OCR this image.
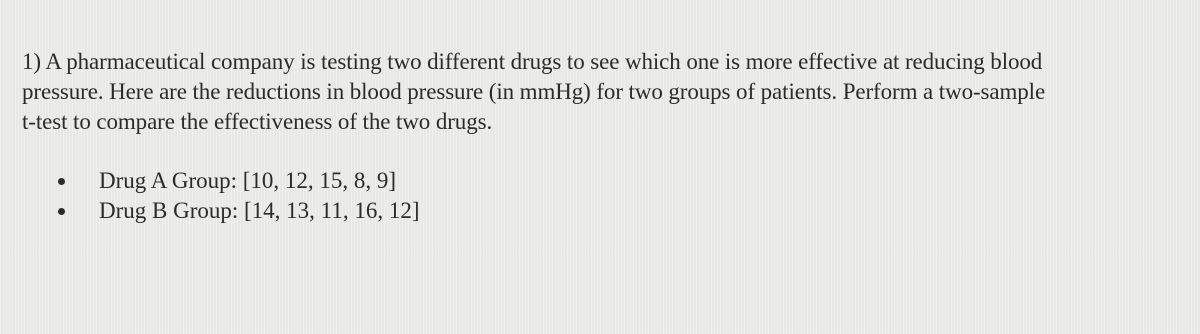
1) A pharmaceutical company is testing two different drugs to see which one is more effective at reducing blood
pressure. Here are the reductions in blood pressure (in mmHg) for two groups of patients. Perform a two-sample
t-test to compare the effectiveness of the two drugs.

Drug A Group: [10, 12, 15, 8, 9]
Drug B Group: [14, 13, 11, 16, 12]
